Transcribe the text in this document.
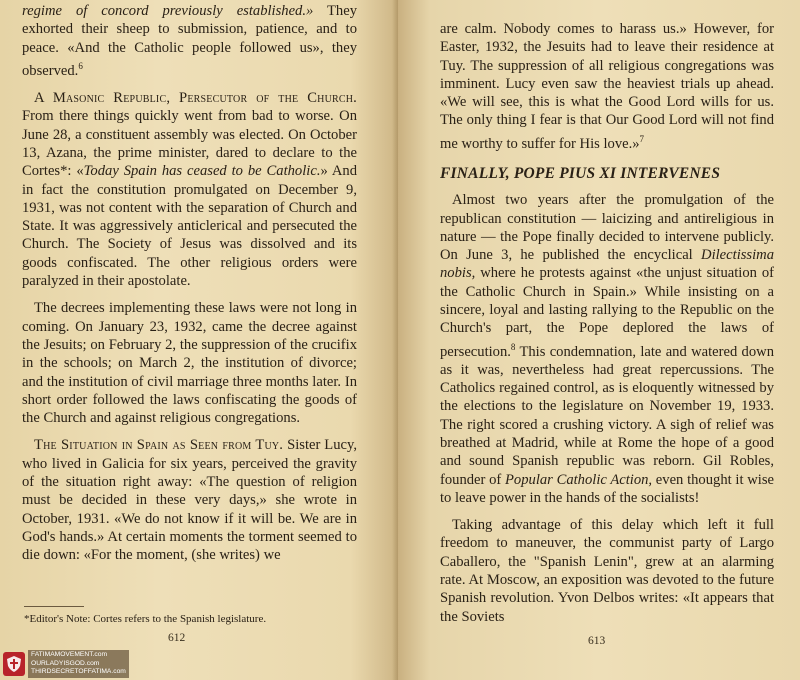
regime of concord previously established.» They exhorted their sheep to submission, patience, and to peace. «And the Catholic people followed us», they observed.$^6$

A Masonic Republic, Persecutor of the Church. From there things quickly went from bad to worse. On June 28, a constituent assembly was elected. On October 13, Azana, the prime minister, dared to declare to the Cortes*: «Today Spain has ceased to be Catholic.» And in fact the constitution promulgated on December 9, 1931, was not content with the separation of Church and State. It was aggressively anticlerical and persecuted the Church. The Society of Jesus was dissolved and its goods confiscated. The other religious orders were paralyzed in their apostolate.

The decrees implementing these laws were not long in coming. On January 23, 1932, came the decree against the Jesuits; on February 2, the suppression of the crucifix in the schools; on March 2, the institution of divorce; and the institution of civil marriage three months later. In short order followed the laws confiscating the goods of the Church and against religious congregations.

The Situation in Spain as Seen from Tuy. Sister Lucy, who lived in Galicia for six years, perceived the gravity of the situation right away: «The question of religion must be decided in these very days,» she wrote in October, 1931. «We do not know if it will be. We are in God's hands.» At certain moments the torment seemed to die down: «For the moment, (she writes) we

*Editor's Note: Cortes refers to the Spanish legislature.
612

are calm. Nobody comes to harass us.» However, for Easter, 1932, the Jesuits had to leave their residence at Tuy. The suppression of all religious congregations was imminent. Lucy even saw the heaviest trials up ahead. «We will see, this is what the Good Lord wills for us. The only thing I fear is that Our Good Lord will not find me worthy to suffer for His love.»$^7$

FINALLY, POPE PIUS XI INTERVENES

Almost two years after the promulgation of the republican constitution — laicizing and antireligious in nature — the Pope finally decided to intervene publicly. On June 3, he published the encyclical Dilectissima nobis, where he protests against «the unjust situation of the Catholic Church in Spain.» While insisting on a sincere, loyal and lasting rallying to the Republic on the Church's part, the Pope deplored the laws of persecution.$^8$ This condemnation, late and watered down as it was, nevertheless had great repercussions. The Catholics regained control, as is eloquently witnessed by the elections to the legislature on November 19, 1933. The right scored a crushing victory. A sigh of relief was breathed at Madrid, while at Rome the hope of a good and sound Spanish republic was reborn. Gil Robles, founder of Popular Catholic Action, even thought it wise to leave power in the hands of the socialists!

Taking advantage of this delay which left it full freedom to maneuver, the communist party of Largo Caballero, the "Spanish Lenin", grew at an alarming rate. At Moscow, an exposition was devoted to the future Spanish revolution. Yvon Delbos writes: «It appears that the Soviets

613
FATIMAMOVEMENT.com
OURLADYISGOD.com
THIRDSECRETOFFATIMA.com
